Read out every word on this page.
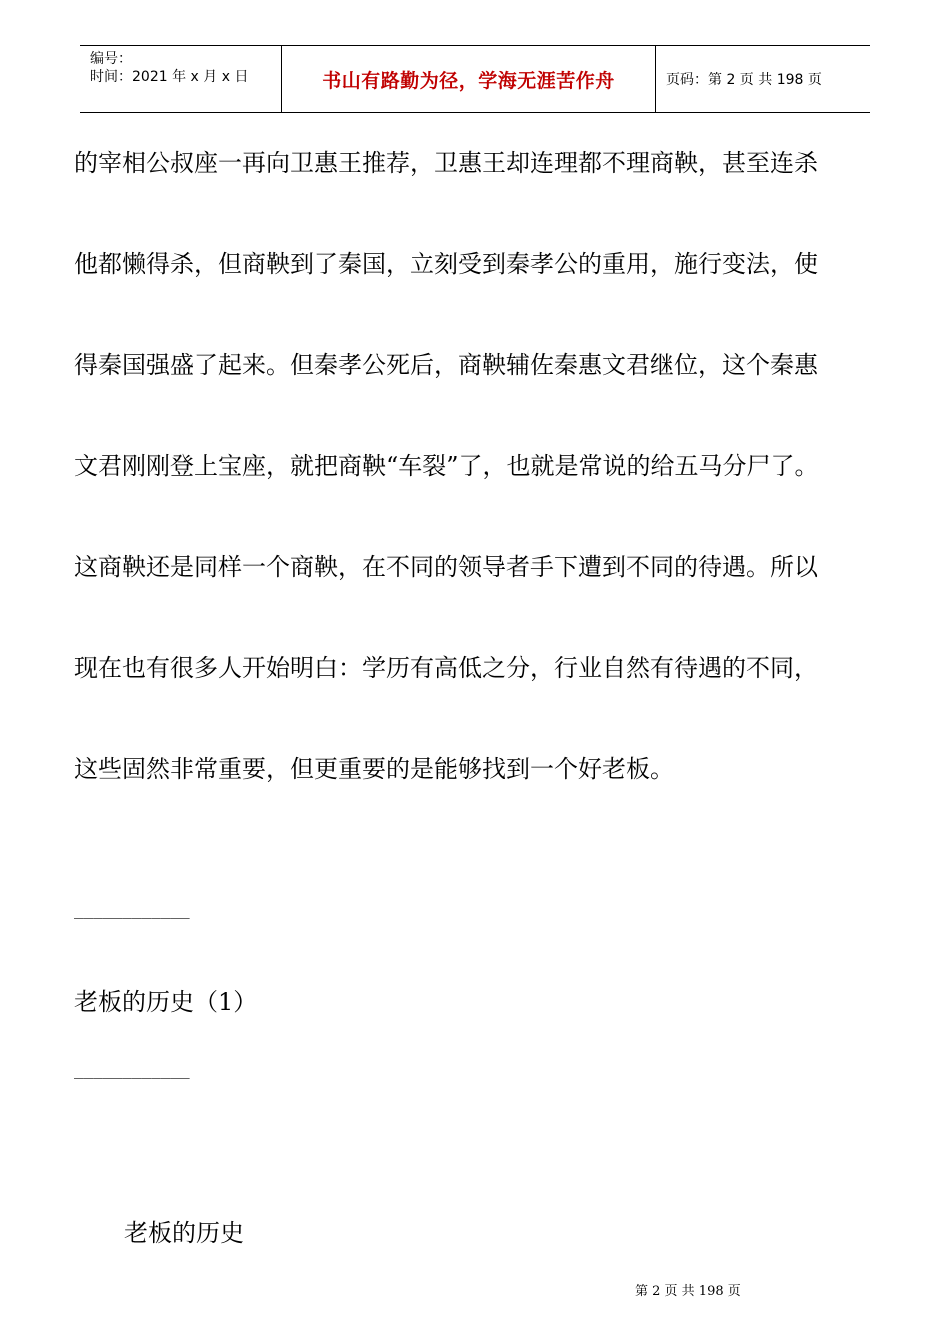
编号：
时间：2021 年 x 月 x 日	书山有路勤为径，学海无涯苦作舟	页码：第 2 页 共 198 页
的宰相公叔座一再向卫惠王推荐，卫惠王却连理都不理商鞅，甚至连杀
他都懒得杀，但商鞅到了秦国，立刻受到秦孝公的重用，施行变法，使
得秦国强盛了起来。但秦孝公死后，商鞅辅佐秦惠文君继位，这个秦惠
文君刚刚登上宝座，就把商鞅“车裂”了，也就是常说的给五马分尸了。
这商鞅还是同样一个商鞅，在不同的领导者手下遭到不同的待遇。所以
现在也有很多人开始明白：学历有高低之分，行业自然有待遇的不同，
这些固然非常重要，但更重要的是能够找到一个好老板。
____________
老板的历史（1）
____________
老板的历史
第 2 页 共 198 页
